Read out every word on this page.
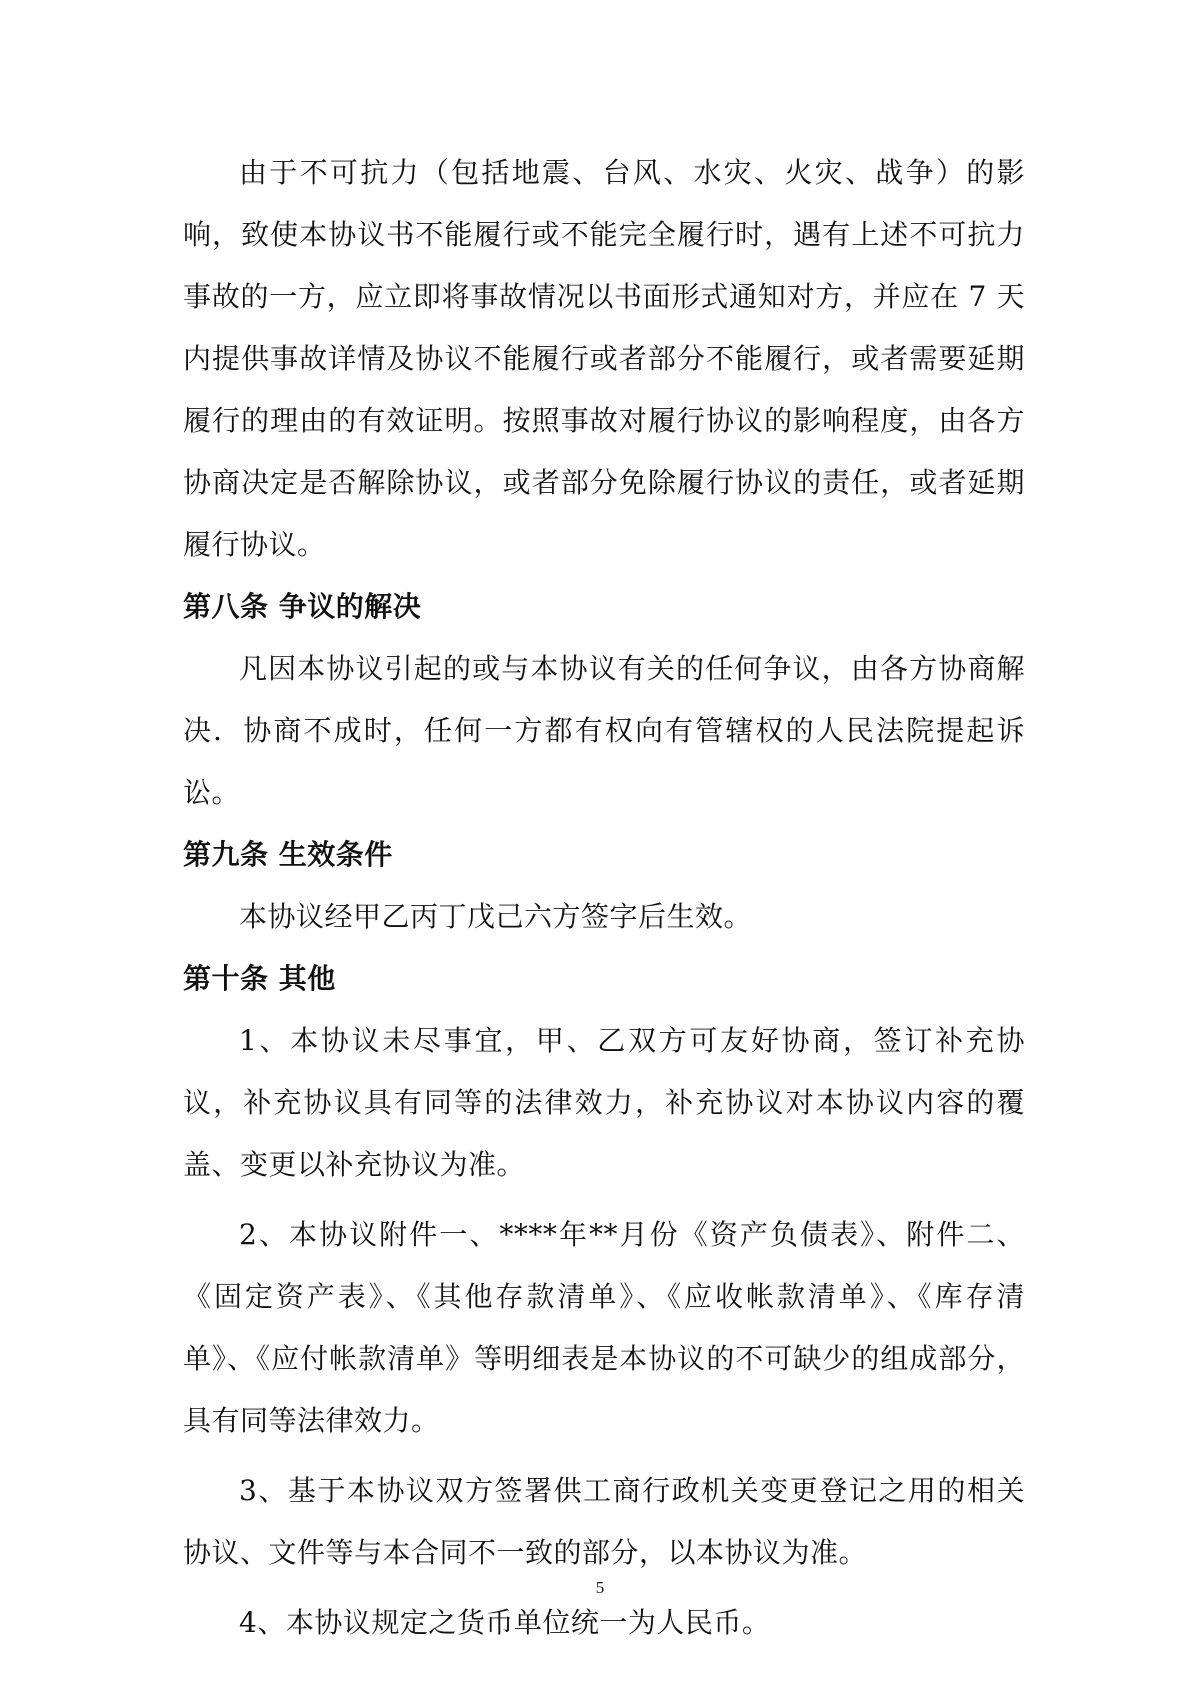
由于不可抗力（包括地震、台风、水灾、火灾、战争）的影响，致使本协议书不能履行或不能完全履行时，遇有上述不可抗力事故的一方，应立即将事故情况以书面形式通知对方，并应在 7 天内提供事故详情及协议不能履行或者部分不能履行，或者需要延期履行的理由的有效证明。按照事故对履行协议的影响程度，由各方协商决定是否解除协议，或者部分免除履行协议的责任，或者延期履行协议。

第八条 争议的解决

凡因本协议引起的或与本协议有关的任何争议，由各方协商解决．协商不成时，任何一方都有权向有管辖权的人民法院提起诉讼。

第九条 生效条件

本协议经甲乙丙丁戊己六方签字后生效。

第十条 其他

1、本协议未尽事宜，甲、乙双方可友好协商，签订补充协议，补充协议具有同等的法律效力，补充协议对本协议内容的覆盖、变更以补充协议为准。

2、本协议附件一、****年**月份《资产负债表》、附件二、《固定资产表》、《其他存款清单》、《应收帐款清单》、《库存清单》、《应付帐款清单》等明细表是本协议的不可缺少的组成部分，具有同等法律效力。

3、基于本协议双方签署供工商行政机关变更登记之用的相关协议、文件等与本合同不一致的部分，以本协议为准。

4、本协议规定之货币单位统一为人民币。

5
